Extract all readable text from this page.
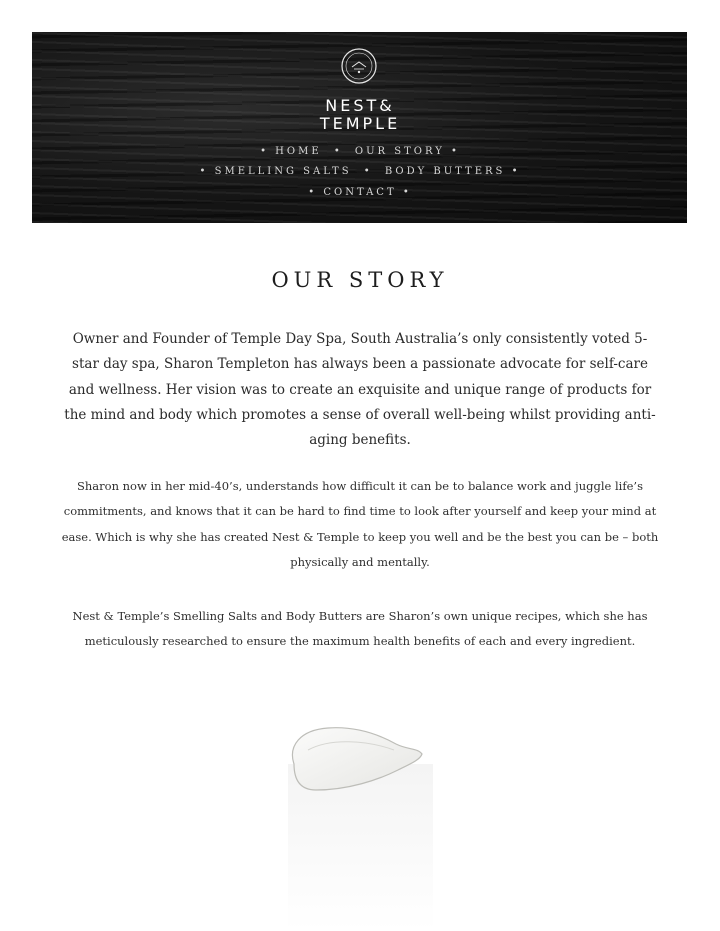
NEST&
TEMPLE
• HOME • OUR STORY •
• SMELLING SALTS • BODY BUTTERS •
• CONTACT •
OUR STORY

Owner and Founder of Temple Day Spa, South Australia’s only consistently voted 5-star day spa, Sharon Templeton has always been a passionate advocate for self-care and wellness. Her vision was to create an exquisite and unique range of products for the mind and body which promotes a sense of overall well-being whilst providing anti-aging benefits.

Sharon now in her mid-40’s, understands how difficult it can be to balance work and juggle life’s commitments, and knows that it can be hard to find time to look after yourself and keep your mind at ease. Which is why she has created Nest & Temple to keep you well and be the best you can be – both physically and mentally.

Nest & Temple’s Smelling Salts and Body Butters are Sharon’s own unique recipes, which she has meticulously researched to ensure the maximum health benefits of each and every ingredient.
